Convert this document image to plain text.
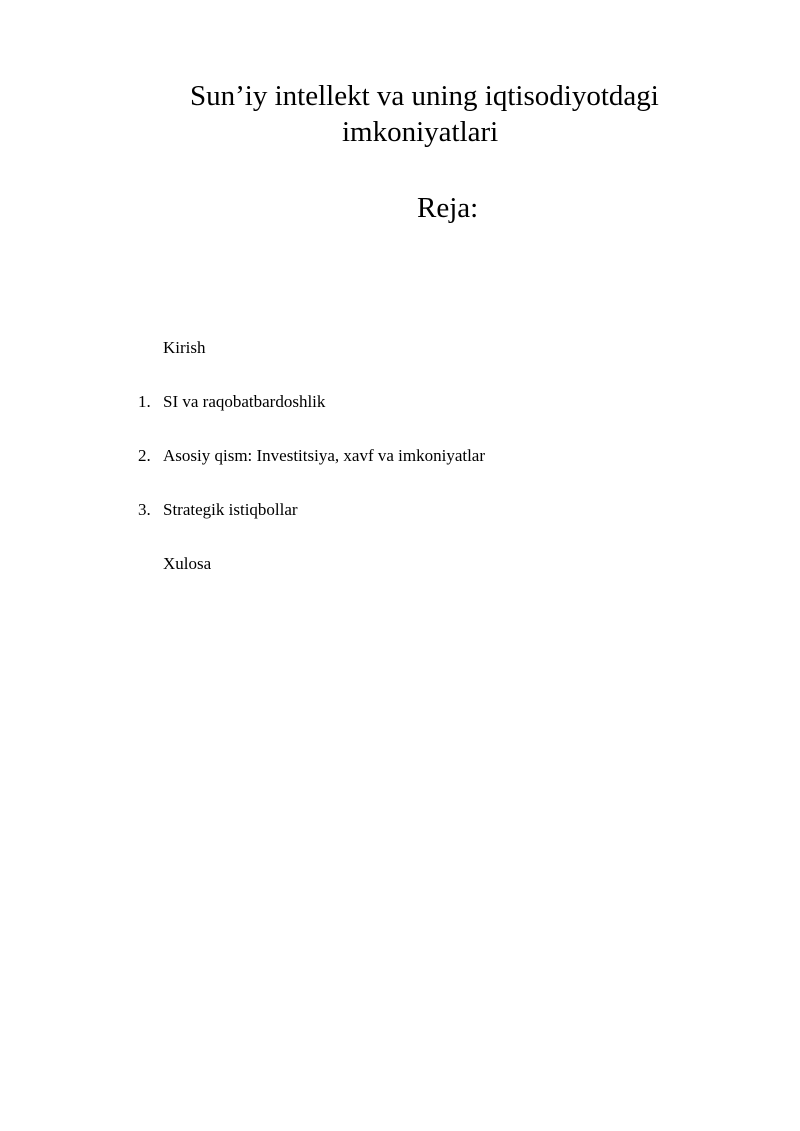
Sun’iy intellekt va uning iqtisodiyotdagi
imkoniyatlari
Reja:
Kirish
1. SI va raqobatbardoshlik
2. Asosiy qism: Investitsiya, xavf va imkoniyatlar
3. Strategik istiqbollar
Xulosa
